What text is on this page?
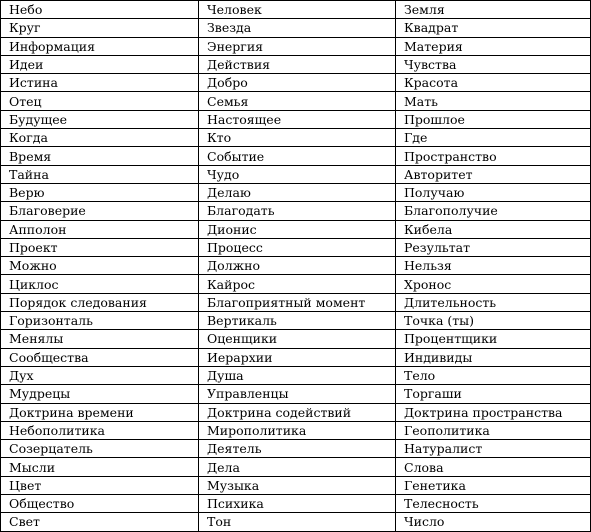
Небо	Человек	Земля
Круг	Звезда	Квадрат
Информация	Энергия	Материя
Идеи	Действия	Чувства
Истина	Добро	Красота
Отец	Семья	Мать
Будущее	Настоящее	Прошлое
Когда	Кто	Где
Время	Событие	Пространство
Тайна	Чудо	Авторитет
Верю	Делаю	Получаю
Благоверие	Благодать	Благополучие
Апполон	Дионис	Кибела
Проект	Процесс	Результат
Можно	Должно	Нельзя
Циклос	Кайрос	Хронос
Порядок следования	Благоприятный момент	Длительность
Горизонталь	Вертикаль	Точка (ты)
Менялы	Оценщики	Процентщики
Сообщества	Иерархии	Индивиды
Дух	Душа	Тело
Мудрецы	Управленцы	Торгаши
Доктрина времени	Доктрина содействий	Доктрина пространства
Небополитика	Мирополитика	Геополитика
Созерцатель	Деятель	Натуралист
Мысли	Дела	Слова
Цвет	Музыка	Генетика
Общество	Психика	Телесность
Свет	Тон	Число
